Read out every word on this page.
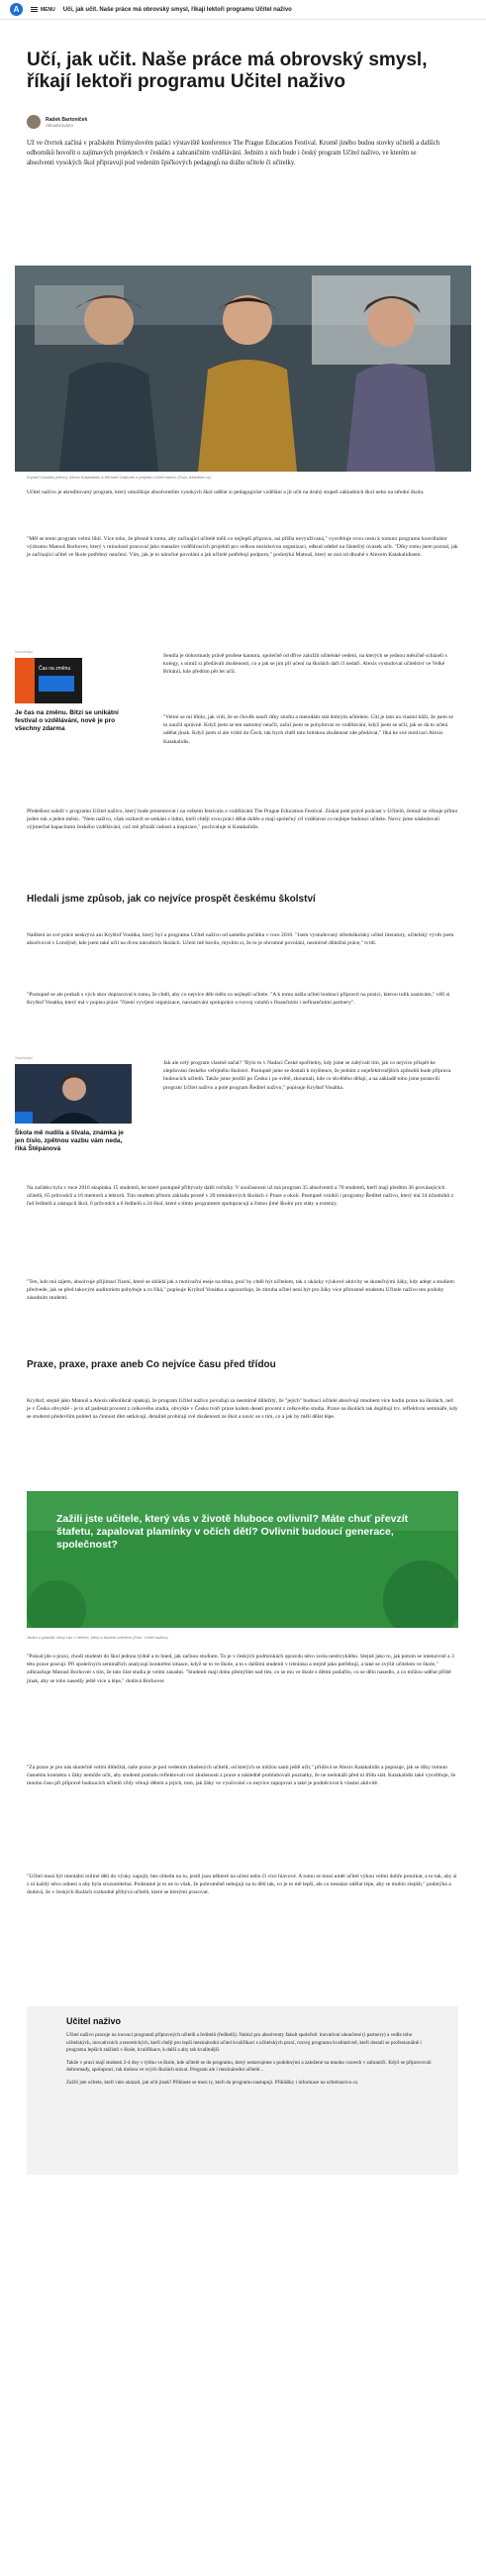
A	MENU Učí, jak učit. Naše práce má obrovský smysl, říkají lektoři programu Učitel naživo
Učí, jak učit. Naše práce má obrovský smysl, říkají lektoři programu Učitel naživo
Radek Bartoníček
Aktualizováno

Už ve čtvrtek začíná v pražském Průmyslovém paláci výstaviště konference The Prague Education Festival. Kromě jiného budou stovky učitelů a dalších odborníků hovořit o zajímavých projektech v českém a zahraničním vzdělávání. Jedním z nich bude i český program Učitel naživo, ve kterém se absolventi vysokých škol připravují pod vedením špičkových pedagogů na dráhu učitele či učitelky.

Kryštof Vosátka (vlevo), Alexis Katakalidis a Michael Gaďurek z projektu Učitel naživo (Foto: Aktuálně.cz)

Učitel naživo je akreditovaný program, který umožňuje absolventům vysokých škol udělat si pedagogické vzdělání a jít učit na druhý stupeň základních škol nebo na střední školu.

"Měl se tento program velmi líbil. Více toho, že přesně k tomu, aby začínající učitelé měli co nejlepší přípravu, asi přišla nevyužívaná," vysvětluje svou cestu k tomuto programu koordinátor výzkumu Matouš Borhover, který v minulosti pracoval jako manažer vzdělávacích projektů pro velkou neziskovou organizaci, odkud odešel na částečný úvazek učit. "Díky tomu jsem poznal, jak je začínající učitel ve škole potřebný naučení. Vím, jak je to náročné povolání a jak učitelé potřebují podporu," podotýká Matouš, který se zná od dlouhé s Alexem Katakalidisem.

Souvisejcí
Čas na změnu
Je čas na změnu. Bitzi se unikátní festival o vzdělávání, nově je pro všechny zdarma

Sendla je dohromady právě profese kantora, společně od dříve založili učitelské vedení, na kterých se jednou měsíčně scházeli s kolegy, s nimiž si předávali zkušenosti, co a jak se jim při učení na školách daří či nedaří. Alexis vystudoval učitelství ve Velké Británii, kde předtím pět let učil.

"Velmi se mi líbilo, jak vidí, že se člověk naučí díky studiu a metodám stát dobrým učitelem. Cítí je tam na vlastní kůži, že jsem se to naučil správně. Když jsem se ten samotný neučil, začal jsem se pohybovat ve vzdělávání, když jsem se učil, jak se dá to učení udělat jinak. Když jsem si ale vrátil do Čech, tak bych chtěl tuto britskou zkušenost zde předávat," říká ke své motivaci Alexis Katakalidis.

Předešlost naleží v programu Učitel naživo, který bude prezentovat i na velkém festivalu o vzdělávání The Prague Education Festival. Získal poté právě podcast v Učitelů, čemuž se věnuje přímo jeden rok a jeden měsíc. "Nem naživo, však rozbavit se setkání s lidmi, kteří chtějí svou práci dělat dobře a mají společný cíl vzdělávat co nejlépe budoucí učitele. Navíc jsme následovali výjimečné kapacitami českého vzdělávání, což mě přináší radosti a inspirace," pochvaluje si Katakalidis.

Hledali jsme způsob, jak co nejvíce prospět českému školství

Nadšení ze své práce neskrývá ani Kryštof Vosátka, který byl u programu Učitel naživo od samého počátku v roce 2016. "Jsem vystudovaný středoškolský učitel literatury, učitelský vývěs jsem absolvoval v Londýně, kde jsem také učil na dvou národních školách. Učení mě bavilo, myslím si, že to je ohromné povolání, nesmírně důležitá práce," tvrdí.

"Postupně se ale potkali s vých skor dopracoval k tomu, že chtěl, aby co nejvíce děti mělo co nejlepší učitele. "A k tomu našla učitel budoucí připravit na pozici, kterou tolik zastávám," věří si Kryštof Vosátka, který má v popisu práce "řízení vyvíjení organizace, naozastvání spolupráce a rozvoj vztahů s finančními i nefinančními partnery".

Souvisejcí
Škola mě nudila a štvala, známka je jen číslo, zpětnou vazbu vám neda, říká Štěpánová

Jak ale celý program vlastně začal? "Bylo to v Nadaci České spořitelny, kdy jsme se zabývali tím, jak co nejvíce přispět ke zlepšování českého veřejného školství. Postupně jsme se dostali k myšlence, že jedním z nejefektivnějších způsobů bude příprava budoucích učitelů. Takže jsme jezdili po Česku i po světě, zkoumali, kde co skvělého dělají, a na základě toho jsme postavili program Učitel naživo a poté program Ředitel naživo," popisuje Kryštof Vosátka.

Na začátku byla v roce 2016 skupinka 15 studentů, ke které postupně přibývaly další ročníky. V současnosti už má program 35 absolventů a 70 studentů, kteří mají předtím 36 provázejících učitelů, 65 průvodců a 16 mentorů a lektorů. Tito studenti přitom základu prostě v 20 tréninkových školách v Praze a okolí. Postupně vzniklí i programy Ředitel naživo, který má 34 účastníků z řad ředitelů a zástupců škol, 6 průvodců a 6 ředitelů a 24 škol, které s tímto programem spolupracují a čistou jimé školní pro státy a extenzy.

"Ten, kdo má zájem, absolvuje přijímací řízení, které se skládá jak z motivační eseje na téma, proč by chtěl být učitelem, tak z ukázky výukové aktivity se skutečnými žáky, kdy adept a studiem předvede, jak se před takovým auditoriem pohybuje a co říká," popisuje Kryštof Vosátka a upozorňuje, že zhruba učitel není být pro žáky více přirozeně studentu Učitele naživo ten podoby zásadním studenti.

Praxe, praxe, praxe aneb Co nejvíce času před třídou

Kryštof, stejně jako Matouš a Alexis několikrát opakují, že program Učitel naživo považují za nesmírně důležitý, že "jejich" budoucí učitelé absolvují mnohem více hodin praxe na školách, než je v Česku obvyklé - je to až padesát procent z celkového studia, obvykle v Česku tvoří praxe kolem deseti procent z celkového studia. Praxe na školách tak doplňují trv. reflektivní semináře, kdy se studenti především pohled na činnost dlet setkávají, detailně probírají své zkušenosti ze škol a navíc se s tím, co a jak by měli dělat lépe.

Zažili jste učitele, který vás v životě hluboce ovlivnil? Máte chuť převzít štafetu, zapalovat plamínky v očích dětí? Ovlivnit budoucí generace, společnost?

Jeden z plakátů, který vás v něčem, který a budete učitelem (Foto: Učitel naživo)

"Pokud jde o praxi, chodí studenti do škol jednou týdně a to hned, jak začnou studium. To je v českých podmínkách opravdu něco zcela neobvyklého. Stejně jako to, jak potom se intenzivně a 3 této praxe pracuji. Při společných seminářích analyzují konkrétní situace, když se to ve škole, a to s dalšími studenti v tréninku a stejně jako potřebují, a také se zvýšit učitelem ve škole," zdůrazňuje Matouš Borhover s tím, že tato část studia je velmi zásadní. "Studenti mají dobu přemýšlet nad tím, co se mu ve škole s dětmi podařilo, co se dělo nasedlo, a co můžou udělat příště jinak, aby se toho nasedly ještě více a lépe," dodává Borhover.

"Za praxe je pro nás skutečně velmi důležitá, naše praxe je pod vedením zkušených učitelů, od kterých se můžou sami ještě učit," přidává se Alexis Katakalidis a popisuje, jak se díky tomuto časnému kontaktu s žáky nemůže učit, aby studenti pomalu reflektovali své zkušenosti z praxe a následně prohlubovali poznatky, že ne nedokáží před ní třídu stát. Katakalidis také vysvětluje, že mnoho času při přípravě budoucích učitelů vždy věnují dětem a jejich, tom, jak žáky ve vyučování co nejvíce zapojovat a také je podněcovat k vlastní aktivitě.

"Učitel musí být mentální miliné děti do výuky zapojit, bez ohledu na to, jestli jsou některé na učení nebo či více hlavové. A tomu se musí umět učitel výkou velmi dobře pronikat, a to tak, aby si z ní každý něco odnesl a aby byla srozumitelná. Podstatné je to ne to však, že pohroměně nebojují na tu dětí tak, co je to mě lepší, ale co nesnáze udělat lépe, aby se mohlo zlepšit," podotýká a dodává, že v českých školách rozhodně přibývá učitelů, které se kterými pracovat.

Učitel naživo

Učitel naživo pracuje na inovaci programů přípravných učitelů a ředitelů (ředitelů). Nabízí pro absolventy fakult společně: inovativní ukončené (i partnery) a vedle toho učitelských, inovativních a teoretických, kteří chtějí pro lepší mezinárodní učitel kvalifikaci s učitelských praxí, rozvoj programu kvalitativně, kteří dostali se profesionálně i programu lepších stážistů v škole, kvalifikace, k další a aby tak kvalitnější.

Takže v praxi mají studenti 2-4 dny v týdnu ve škole, kde učitelé se do programu, který sestavujeme s podobnými a založené na mnoha vzorech v zahraničí. Když se připravovali dohromady, spoluprací, tak mohou ve svých školách stávat. Program ale i mezinárodní učitelé...

Zažili jste učitele, kteří vám ukázali, jak učit jinak? Přihlaste se mezi ty, kteří do programu nastupují. Přihlášky i informace na učitelnazivo.cz.
